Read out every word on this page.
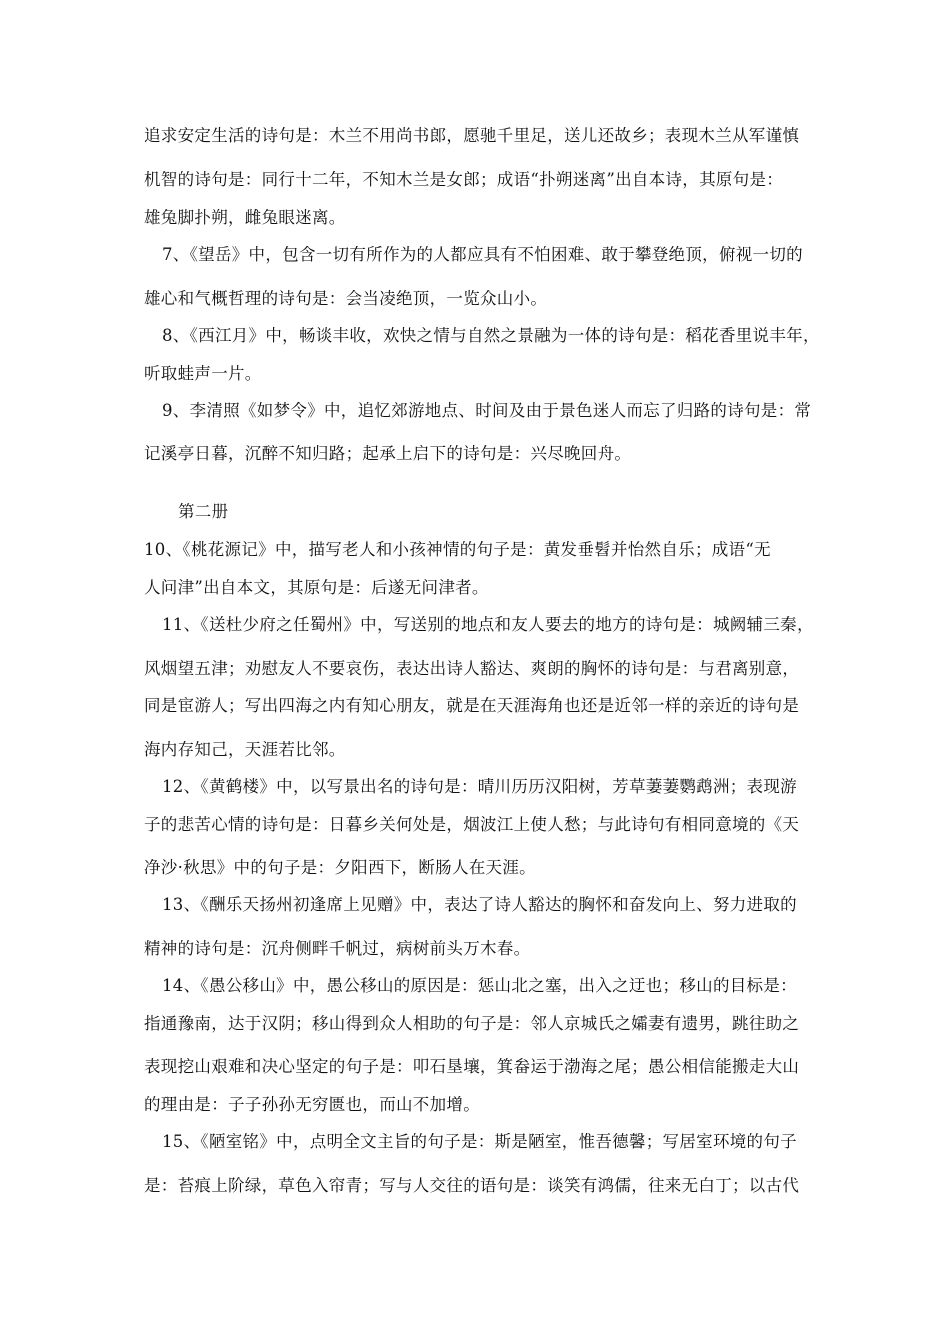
追求安定生活的诗句是：木兰不用尚书郎，愿驰千里足，送儿还故乡；表现木兰从军谨慎
机智的诗句是：同行十二年，不知木兰是女郎；成语“扑朔迷离”出自本诗，其原句是：
雄兔脚扑朔，雌兔眼迷离。
7、《望岳》中，包含一切有所作为的人都应具有不怕困难、敢于攀登绝顶，俯视一切的
雄心和气概哲理的诗句是：会当凌绝顶，一览众山小。
8、《西江月》中，畅谈丰收，欢快之情与自然之景融为一体的诗句是：稻花香里说丰年，
听取蛙声一片。
9、李清照《如梦令》中，追忆郊游地点、时间及由于景色迷人而忘了归路的诗句是：常
记溪亭日暮，沉醉不知归路；起承上启下的诗句是：兴尽晚回舟。
第二册
10、《桃花源记》中，描写老人和小孩神情的句子是：黄发垂髫并怡然自乐；成语“无
人问津”出自本文，其原句是：后遂无问津者。
11、《送杜少府之任蜀州》中，写送别的地点和友人要去的地方的诗句是：城阙辅三秦，
风烟望五津；劝慰友人不要哀伤，表达出诗人豁达、爽朗的胸怀的诗句是：与君离别意，
同是宦游人；写出四海之内有知心朋友，就是在天涯海角也还是近邻一样的亲近的诗句是
海内存知己，天涯若比邻。
12、《黄鹤楼》中，以写景出名的诗句是：晴川历历汉阳树，芳草萋萋鹦鹉洲；表现游
子的悲苦心情的诗句是：日暮乡关何处是，烟波江上使人愁；与此诗句有相同意境的《天
净沙·秋思》中的句子是：夕阳西下，断肠人在天涯。
13、《酬乐天扬州初逢席上见赠》中，表达了诗人豁达的胸怀和奋发向上、努力进取的
精神的诗句是：沉舟侧畔千帆过，病树前头万木春。
14、《愚公移山》中，愚公移山的原因是：惩山北之塞，出入之迂也；移山的目标是：
指通豫南，达于汉阴；移山得到众人相助的句子是：邻人京城氏之孀妻有遗男，跳往助之
表现挖山艰难和决心坚定的句子是：叩石垦壤，箕畚运于渤海之尾；愚公相信能搬走大山
的理由是：子子孙孙无穷匮也，而山不加增。
15、《陋室铭》中，点明全文主旨的句子是：斯是陋室，惟吾德馨；写居室环境的句子
是：苔痕上阶绿，草色入帘青；写与人交往的语句是：谈笑有鸿儒，往来无白丁；以古代
